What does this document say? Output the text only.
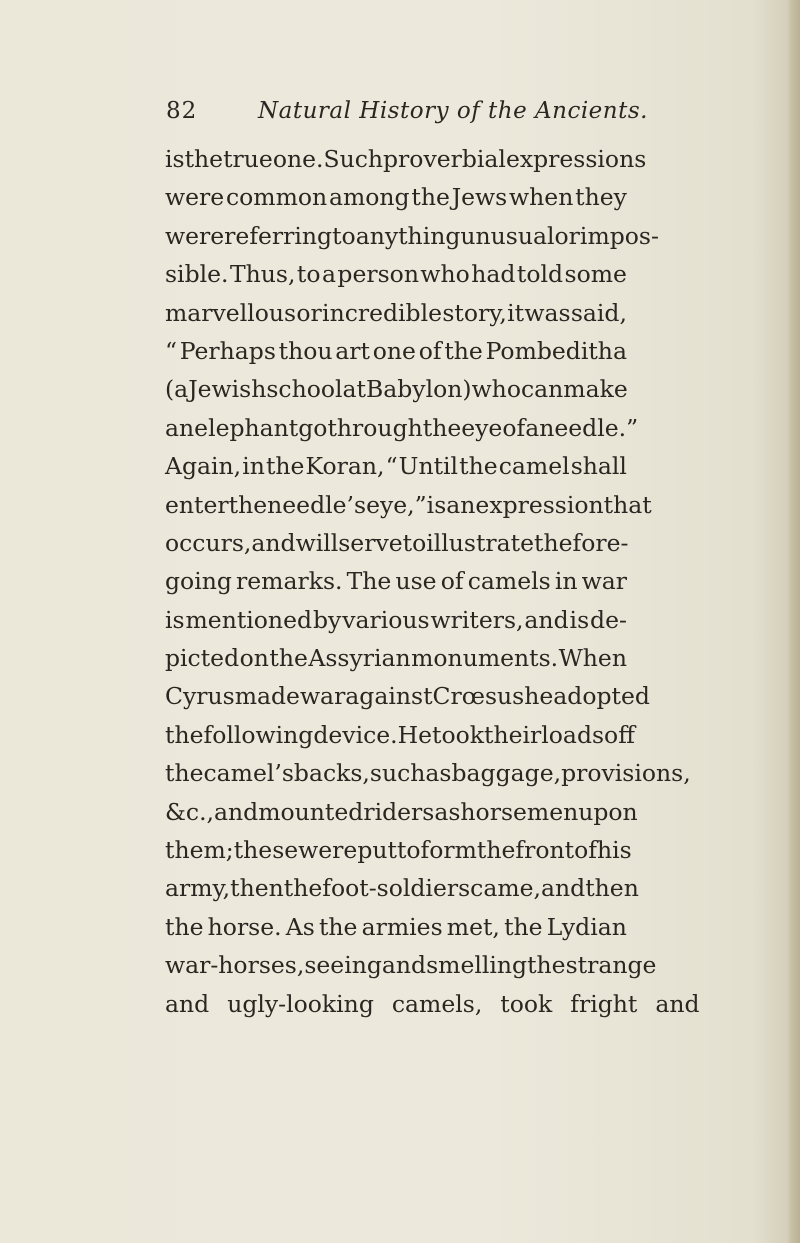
82	Natural History of the Ancients.
is the true one. Such proverbial expressions
were common among the Jews when they
were referring to anything unusual or impos-
sible. Thus, to a person who had told some
marvellous or incredible story, it was said,
“ Perhaps thou art one of the Pombeditha
(a Jewish school at Babylon) who can make
an elephant go through the eye of a needle.”
Again, in the Koran, “ Until the camel shall
enter the needle’s eye,” is an expression that
occurs, and will serve to illustrate the fore-
going remarks. The use of camels in war
is mentioned by various writers, and is de-
picted on the Assyrian monuments. When
Cyrus made war against Crœsus he adopted
the following device. He took their loads off
the camel’s backs, such as baggage, provisions,
&c., and mounted riders as horsemen upon
them ; these were put to form the front of his
army, then the foot-soldiers came, and then
the horse. As the armies met, the Lydian
war-horses, seeing and smelling the strange
and ugly-looking camels, took fright and
